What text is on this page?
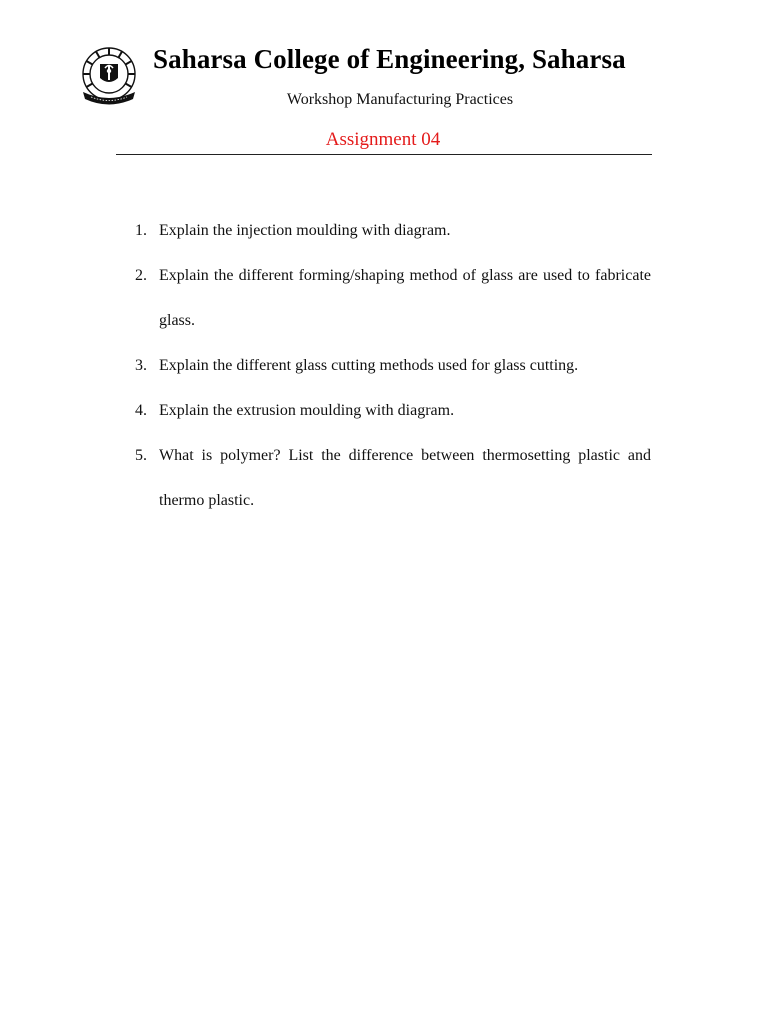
Saharsa College of Engineering, Saharsa
Workshop Manufacturing Practices
Assignment 04
1. Explain the injection moulding with diagram.
2. Explain the different forming/shaping method of glass are used to fabricate glass.
3. Explain the different glass cutting methods used for glass cutting.
4. Explain the extrusion moulding with diagram.
5. What is polymer? List the difference between thermosetting plastic and thermo plastic.
